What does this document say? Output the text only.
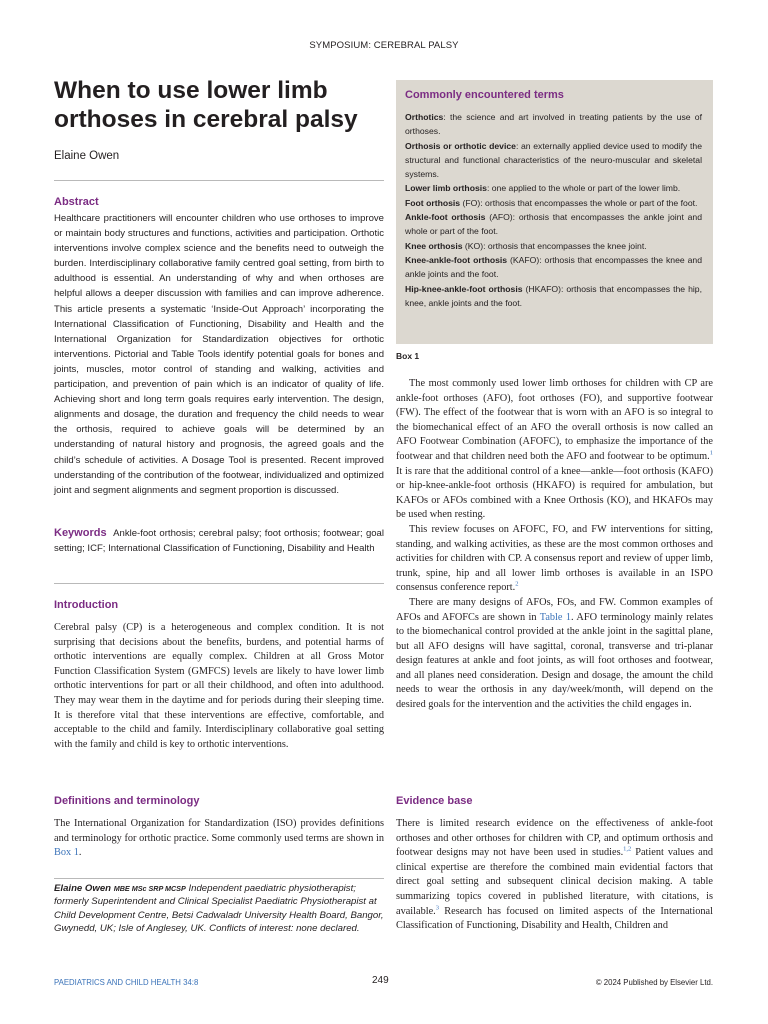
SYMPOSIUM: CEREBRAL PALSY
When to use lower limb orthoses in cerebral palsy
Elaine Owen
Abstract

Healthcare practitioners will encounter children who use orthoses to improve or maintain body structures and functions, activities and participation. Orthotic interventions involve complex science and the benefits need to outweigh the burden. Interdisciplinary collaborative family centred goal setting, from birth to adulthood is essential. An understanding of why and when orthoses are helpful allows a deeper discussion with families and can improve adherence. This article presents a systematic ‘Inside-Out Approach’ incorporating the International Classification of Functioning, Disability and Health and the International Organization for Standardization objectives for orthotic interventions. Pictorial and Table Tools identify potential goals for bones and joints, muscles, motor control of standing and walking, activities and participation, and prevention of pain which is an indicator of quality of life. Achieving short and long term goals requires early intervention. The design, alignments and dosage, the duration and frequency the child needs to wear the orthosis, required to achieve goals will be determined by an understanding of natural history and prognosis, the agreed goals and the child’s schedule of activities. A Dosage Tool is presented. Recent improved understanding of the contribution of the footwear, individualized and optimized joint and segment alignments and segment proportion is discussed.

Keywords Ankle-foot orthosis; cerebral palsy; foot orthosis; footwear; goal setting; ICF; International Classification of Functioning, Disability and Health

Introduction

Cerebral palsy (CP) is a heterogeneous and complex condition. It is not surprising that decisions about the benefits, burdens, and potential harms of orthotic interventions are equally complex. Children at all Gross Motor Function Classification System (GMFCS) levels are likely to have lower limb orthotic interventions for part or all their childhood, and often into adulthood. They may wear them in the daytime and for periods during their sleeping time. It is therefore vital that these interventions are effective, comfortable, and acceptable to the child and family. Interdisciplinary collaborative goal setting with the family and child is key to orthotic interventions.

Definitions and terminology

The International Organization for Standardization (ISO) provides definitions and terminology for orthotic practice. Some commonly used terms are shown in Box 1.

Elaine Owen MBE MSc SRP MCSP Independent paediatric physiotherapist; formerly Superintendent and Clinical Specialist Paediatric Physiotherapist at Child Development Centre, Betsi Cadwaladr University Health Board, Bangor, Gwynedd, UK; Isle of Anglesey, UK. Conflicts of interest: none declared.

Commonly encountered terms

Orthotics: the science and art involved in treating patients by the use of orthoses.
Orthosis or orthotic device: an externally applied device used to modify the structural and functional characteristics of the neuro-muscular and skeletal systems.
Lower limb orthosis: one applied to the whole or part of the lower limb.
Foot orthosis (FO): orthosis that encompasses the whole or part of the foot.
Ankle-foot orthosis (AFO): orthosis that encompasses the ankle joint and whole or part of the foot.
Knee orthosis (KO): orthosis that encompasses the knee joint.
Knee-ankle-foot orthosis (KAFO): orthosis that encompasses the knee and ankle joints and the foot.
Hip-knee-ankle-foot orthosis (HKAFO): orthosis that encompasses the hip, knee, ankle joints and the foot.

Box 1

The most commonly used lower limb orthoses for children with CP are ankle-foot orthoses (AFO), foot orthoses (FO), and supportive footwear (FW). The effect of the footwear that is worn with an AFO is so integral to the biomechanical effect of an AFO the overall orthosis is now called an AFO Footwear Combination (AFOFC), to emphasize the importance of the footwear and that children need both the AFO and footwear to be optimum.$^1$ It is rare that the additional control of a knee—ankle—foot orthosis (KAFO) or hip-knee-ankle-foot orthosis (HKAFO) is required for ambulation, but KAFOs or AFOs combined with a Knee Orthosis (KO), and HKAFOs may be used when resting.

This review focuses on AFOFC, FO, and FW interventions for sitting, standing, and walking activities, as these are the most common orthoses and activities for children with CP. A consensus report and review of upper limb, trunk, spine, hip and all lower limb orthoses is available in an ISPO consensus conference report.$^2$

There are many designs of AFOs, FOs, and FW. Common examples of AFOs and AFOFCs are shown in Table 1. AFO terminology mainly relates to the biomechanical control provided at the ankle joint in the sagittal plane, but all AFO designs will have sagittal, coronal, transverse and tri-planar design features at ankle and foot joints, as will foot orthoses and footwear, and all planes need consideration. Design and dosage, the amount the child needs to wear the orthosis in any day/week/month, will depend on the desired goals for the intervention and the activities the child engages in.

Evidence base

There is limited research evidence on the effectiveness of ankle-foot orthoses and other orthoses for children with CP, and optimum orthosis and footwear designs may not have been used in studies.$^{1,2}$ Patient values and clinical expertise are therefore the combined main evidential factors that direct goal setting and subsequent clinical decision making. A table summarizing topics covered in published literature, with citations, is available.$^3$ Research has focused on limited aspects of the International Classification of Functioning, Disability and Health, Children and

PAEDIATRICS AND CHILD HEALTH 34:8	249	© 2024 Published by Elsevier Ltd.
